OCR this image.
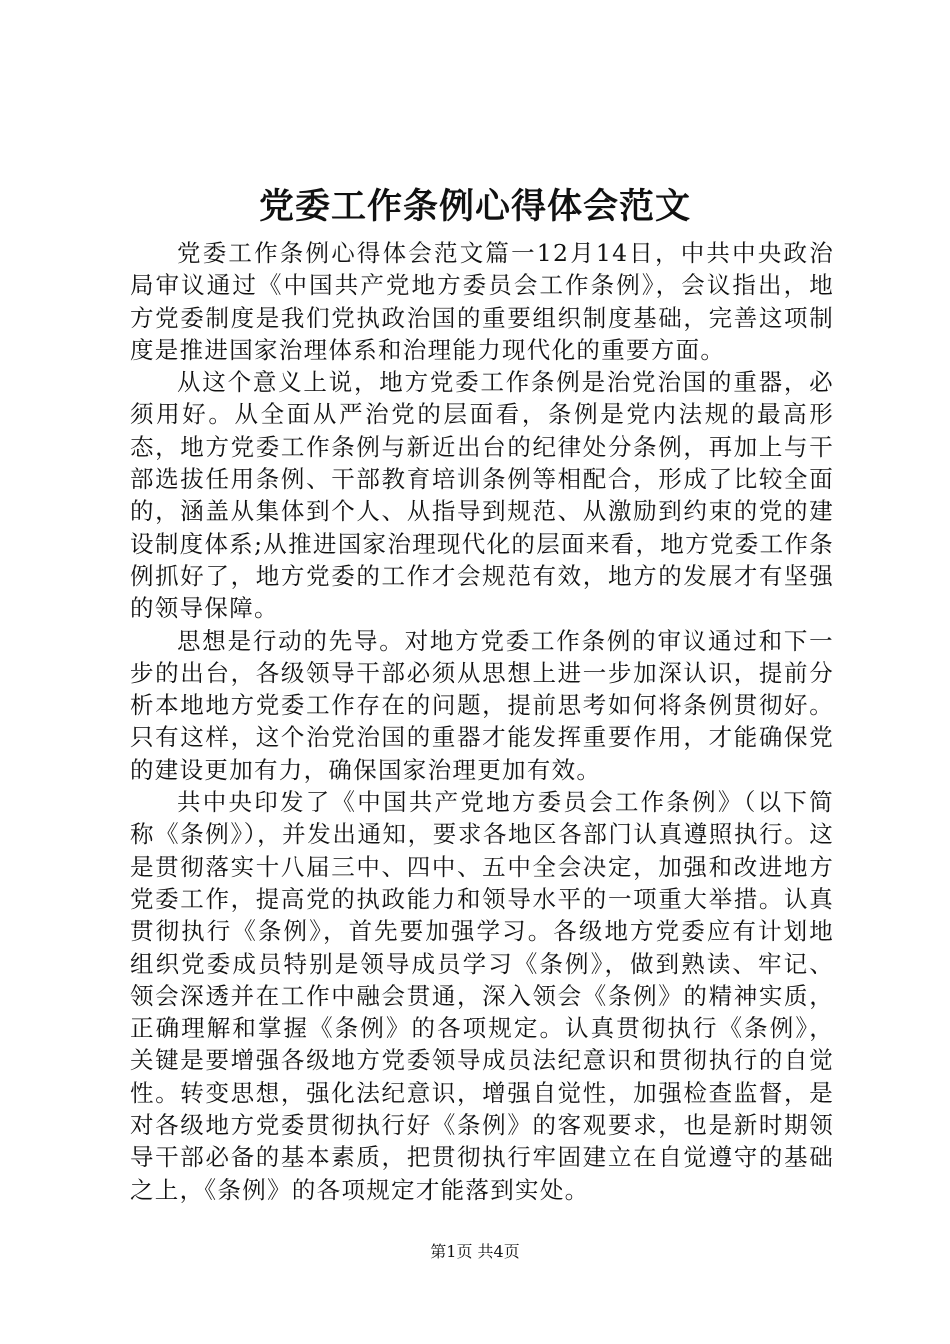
党委工作条例心得体会范文

党委工作条例心得体会范文篇一12月14日，中共中央政治局审议通过《中国共产党地方委员会工作条例》，会议指出，地方党委制度是我们党执政治国的重要组织制度基础，完善这项制度是推进国家治理体系和治理能力现代化的重要方面。

从这个意义上说，地方党委工作条例是治党治国的重器，必须用好。从全面从严治党的层面看，条例是党内法规的最高形态，地方党委工作条例与新近出台的纪律处分条例，再加上与干部选拔任用条例、干部教育培训条例等相配合，形成了比较全面的，涵盖从集体到个人、从指导到规范、从激励到约束的党的建设制度体系;从推进国家治理现代化的层面来看，地方党委工作条例抓好了，地方党委的工作才会规范有效，地方的发展才有坚强的领导保障。

思想是行动的先导。对地方党委工作条例的审议通过和下一步的出台，各级领导干部必须从思想上进一步加深认识，提前分析本地地方党委工作存在的问题，提前思考如何将条例贯彻好。只有这样，这个治党治国的重器才能发挥重要作用，才能确保党的建设更加有力，确保国家治理更加有效。

共中央印发了《中国共产党地方委员会工作条例》（以下简称《条例》），并发出通知，要求各地区各部门认真遵照执行。这是贯彻落实十八届三中、四中、五中全会决定，加强和改进地方党委工作，提高党的执政能力和领导水平的一项重大举措。认真贯彻执行《条例》，首先要加强学习。各级地方党委应有计划地组织党委成员特别是领导成员学习《条例》，做到熟读、牢记、领会深透并在工作中融会贯通，深入领会《条例》的精神实质，正确理解和掌握《条例》的各项规定。认真贯彻执行《条例》，关键是要增强各级地方党委领导成员法纪意识和贯彻执行的自觉性。转变思想，强化法纪意识，增强自觉性，加强检查监督，是对各级地方党委贯彻执行好《条例》的客观要求，也是新时期领导干部必备的基本素质，把贯彻执行牢固建立在自觉遵守的基础之上，《条例》的各项规定才能落到实处。

第1页 共4页
